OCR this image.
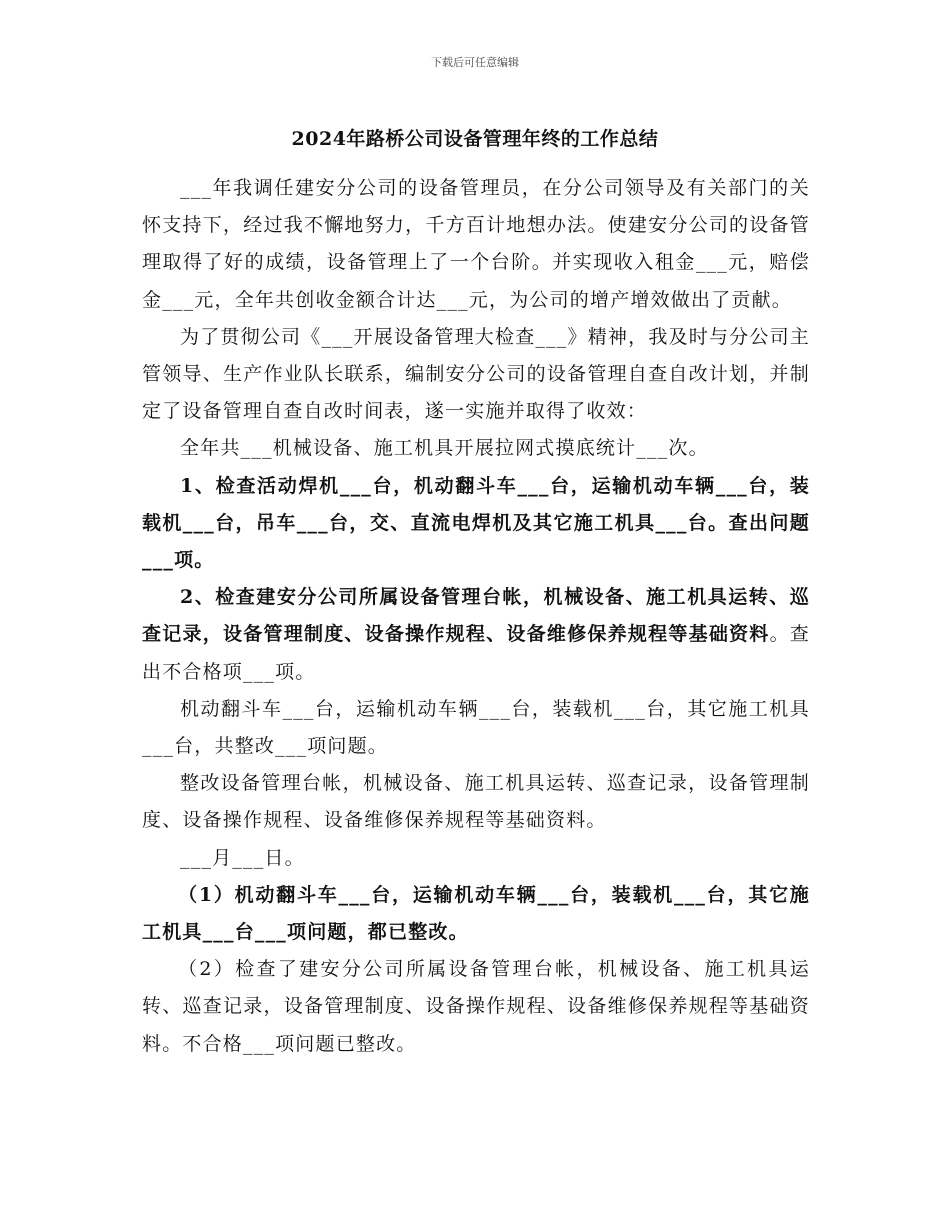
下载后可任意编辑
2024年路桥公司设备管理年终的工作总结

___年我调任建安分公司的设备管理员，在分公司领导及有关部门的关怀支持下，经过我不懈地努力，千方百计地想办法。使建安分公司的设备管理取得了好的成绩，设备管理上了一个台阶。并实现收入租金___元，赔偿金___元，全年共创收金额合计达___元，为公司的增产增效做出了贡献。

为了贯彻公司《___开展设备管理大检查___》精神，我及时与分公司主管领导、生产作业队长联系，编制安分公司的设备管理自查自改计划，并制定了设备管理自查自改时间表，遂一实施并取得了收效：

全年共___机械设备、施工机具开展拉网式摸底统计___次。

1、检查活动焊机___台，机动翻斗车___台，运输机动车辆___台，装载机___台，吊车___台，交、直流电焊机及其它施工机具___台。查出问题___项。

2、检查建安分公司所属设备管理台帐，机械设备、施工机具运转、巡查记录，设备管理制度、设备操作规程、设备维修保养规程等基础资料。查出不合格项___项。

机动翻斗车___台，运输机动车辆___台，装载机___台，其它施工机具___台，共整改___项问题。

整改设备管理台帐，机械设备、施工机具运转、巡查记录，设备管理制度、设备操作规程、设备维修保养规程等基础资料。

___月___日。

（1）机动翻斗车___台，运输机动车辆___台，装载机___台，其它施工机具___台___项问题，都已整改。

（2）检查了建安分公司所属设备管理台帐，机械设备、施工机具运转、巡查记录，设备管理制度、设备操作规程、设备维修保养规程等基础资料。不合格___项问题已整改。
